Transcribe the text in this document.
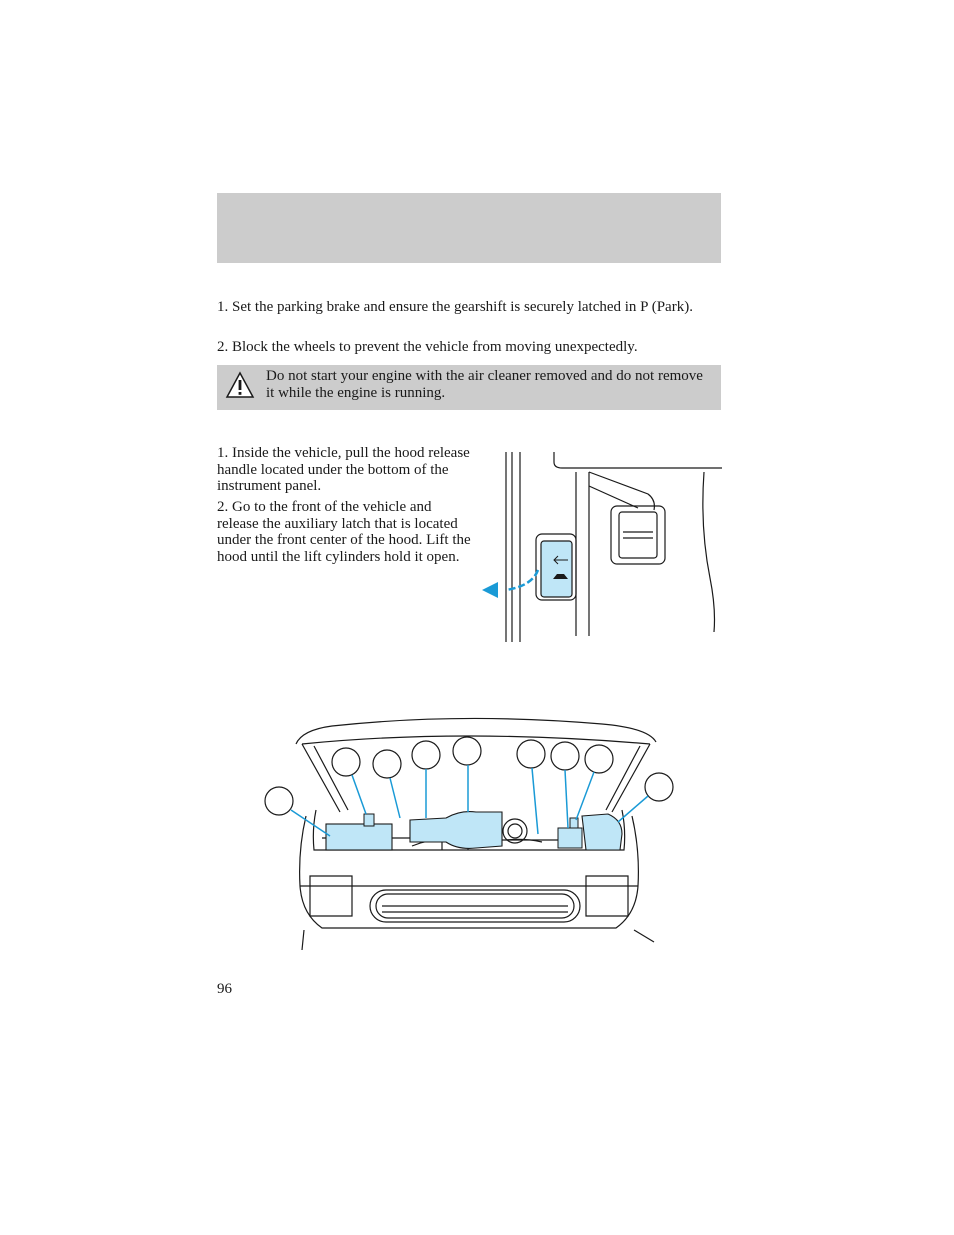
1. Set the parking brake and ensure the gearshift is securely latched in P (Park).

2. Block the wheels to prevent the vehicle from moving unexpectedly.

Do not start your engine with the air cleaner removed and do not remove it while the engine is running.

1. Inside the vehicle, pull the hood release handle located under the bottom of the instrument panel.

2. Go to the front of the vehicle and release the auxiliary latch that is located under the front center of the hood. Lift the hood until the lift cylinders hold it open.

96
